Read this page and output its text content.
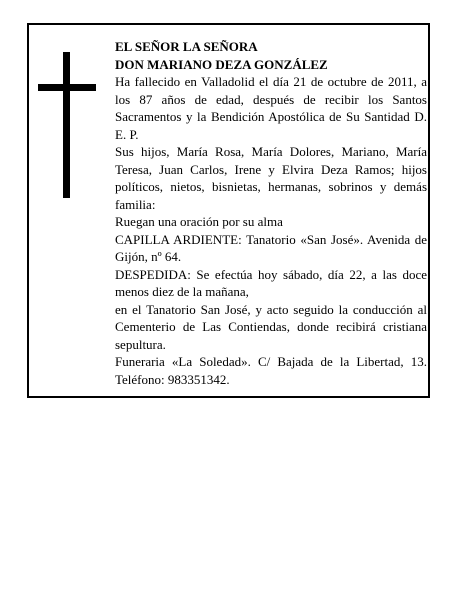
EL SEÑOR LA SEÑORA
DON MARIANO DEZA GONZÁLEZ
Ha fallecido en Valladolid el día 21 de octubre de 2011, a los 87 años de edad, después de recibir los Santos Sacramentos y la Bendición Apostólica de Su Santidad D. E. P.
Sus hijos, María Rosa, María Dolores, Mariano, María Teresa, Juan Carlos, Irene y Elvira Deza Ramos; hijos políticos, nietos, bisnietas, hermanas, sobrinos y demás familia:
Ruegan una oración por su alma
CAPILLA ARDIENTE: Tanatorio «San José». Avenida de Gijón, nº 64.
DESPEDIDA: Se efectúa hoy sábado, día 22, a las doce menos diez de la mañana,
en el Tanatorio San José, y acto seguido la conducción al Cementerio de Las Contiendas, donde recibirá cristiana sepultura.
Funeraria «La Soledad». C/ Bajada de la Libertad, 13. Teléfono: 983351342.
